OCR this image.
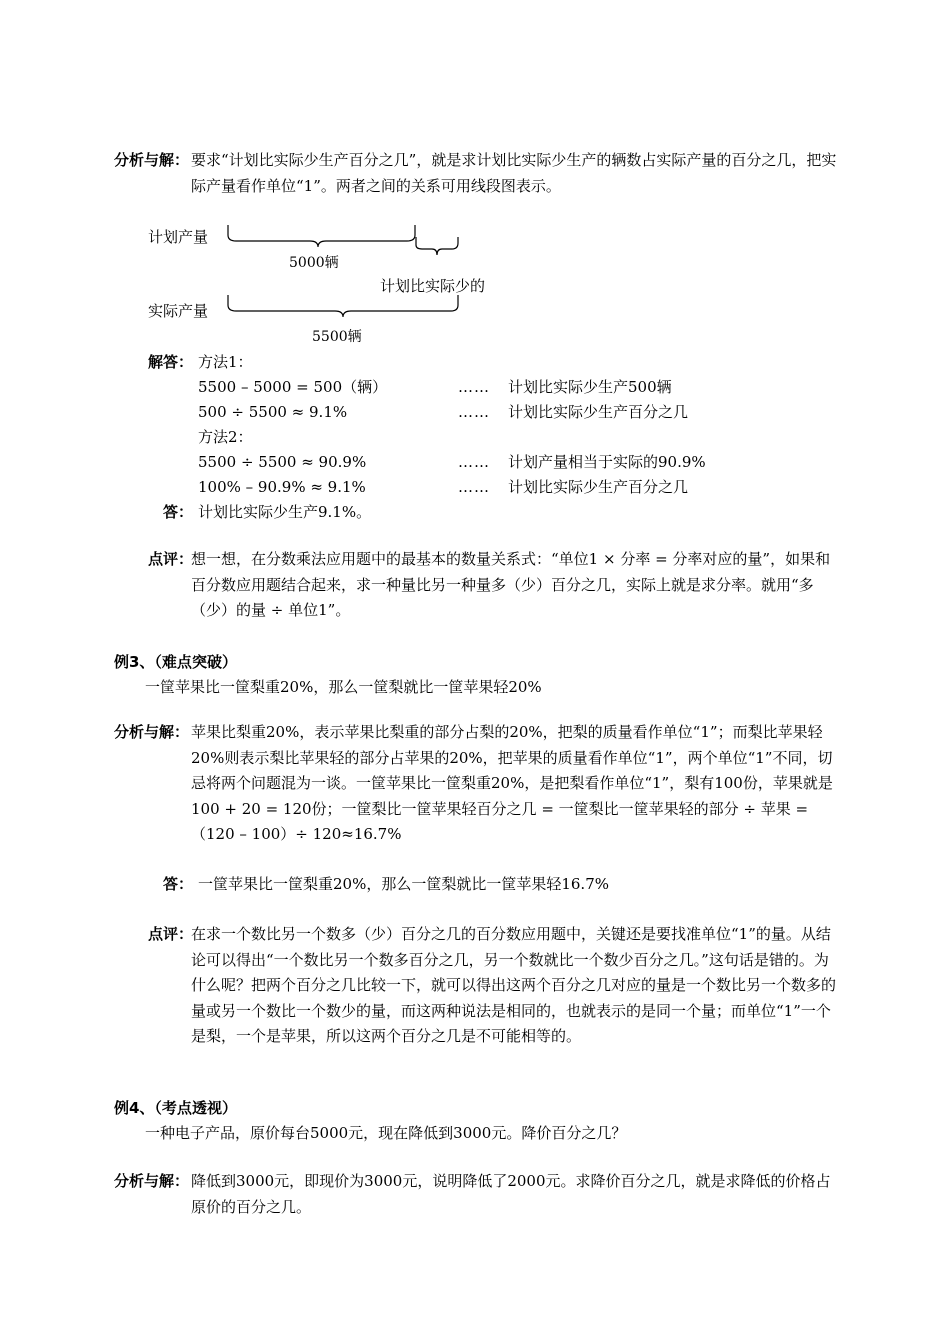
分析与解： 要求“计划比实际少生产百分之几”，就是求计划比实际少生产的辆数占实际产量的百分之几，把实际产量看作单位“1”。两者之间的关系可用线段图表示。
计划产量
5000辆
计划比实际少的
实际产量
5500辆
解答： 方法1：
5500 – 5000 = 500（辆）	…… 计划比实际少生产500辆
500 ÷ 5500 ≈ 9.1%	…… 计划比实际少生产百分之几
方法2：
5500 ÷ 5500 ≈ 90.9%	…… 计划产量相当于实际的90.9%
100% – 90.9% ≈ 9.1%	…… 计划比实际少生产百分之几
答： 计划比实际少生产9.1%。
点评：
想一想，在分数乘法应用题中的最基本的数量关系式：“单位1 × 分率 = 分率对应的量”，如果和百分数应用题结合起来，求一种量比另一种量多（少）百分之几，实际上就是求分率。就用“多（少）的量 ÷ 单位1”。
例3、（难点突破）
一筐苹果比一筐梨重20%，那么一筐梨就比一筐苹果轻20%
分析与解： 苹果比梨重20%，表示苹果比梨重的部分占梨的20%，把梨的质量看作单位“1”；而梨比苹果轻20%则表示梨比苹果轻的部分占苹果的20%，把苹果的质量看作单位“1”，两个单位“1”不同，切忌将两个问题混为一谈。一筐苹果比一筐梨重20%，是把梨看作单位“1”，梨有100份，苹果就是100 + 20 = 120份；一筐梨比一筐苹果轻百分之几 = 一筐梨比一筐苹果轻的部分 ÷ 苹果 = （120 – 100）÷ 120≈16.7%
答： 一筐苹果比一筐梨重20%，那么一筐梨就比一筐苹果轻16.7%
点评：
在求一个数比另一个数多（少）百分之几的百分数应用题中，关键还是要找准单位“1”的量。从结论可以得出“一个数比另一个数多百分之几，另一个数就比一个数少百分之几。”这句话是错的。为什么呢？把两个百分之几比较一下，就可以得出这两个百分之几对应的量是一个数比另一个数多的量或另一个数比一个数少的量，而这两种说法是相同的，也就表示的是同一个量；而单位“1”一个是梨，一个是苹果，所以这两个百分之几是不可能相等的。
例4、（考点透视）
一种电子产品，原价每台5000元，现在降低到3000元。降价百分之几？
分析与解： 降低到3000元，即现价为3000元，说明降低了2000元。求降价百分之几，就是求降低的价格占原价的百分之几。
